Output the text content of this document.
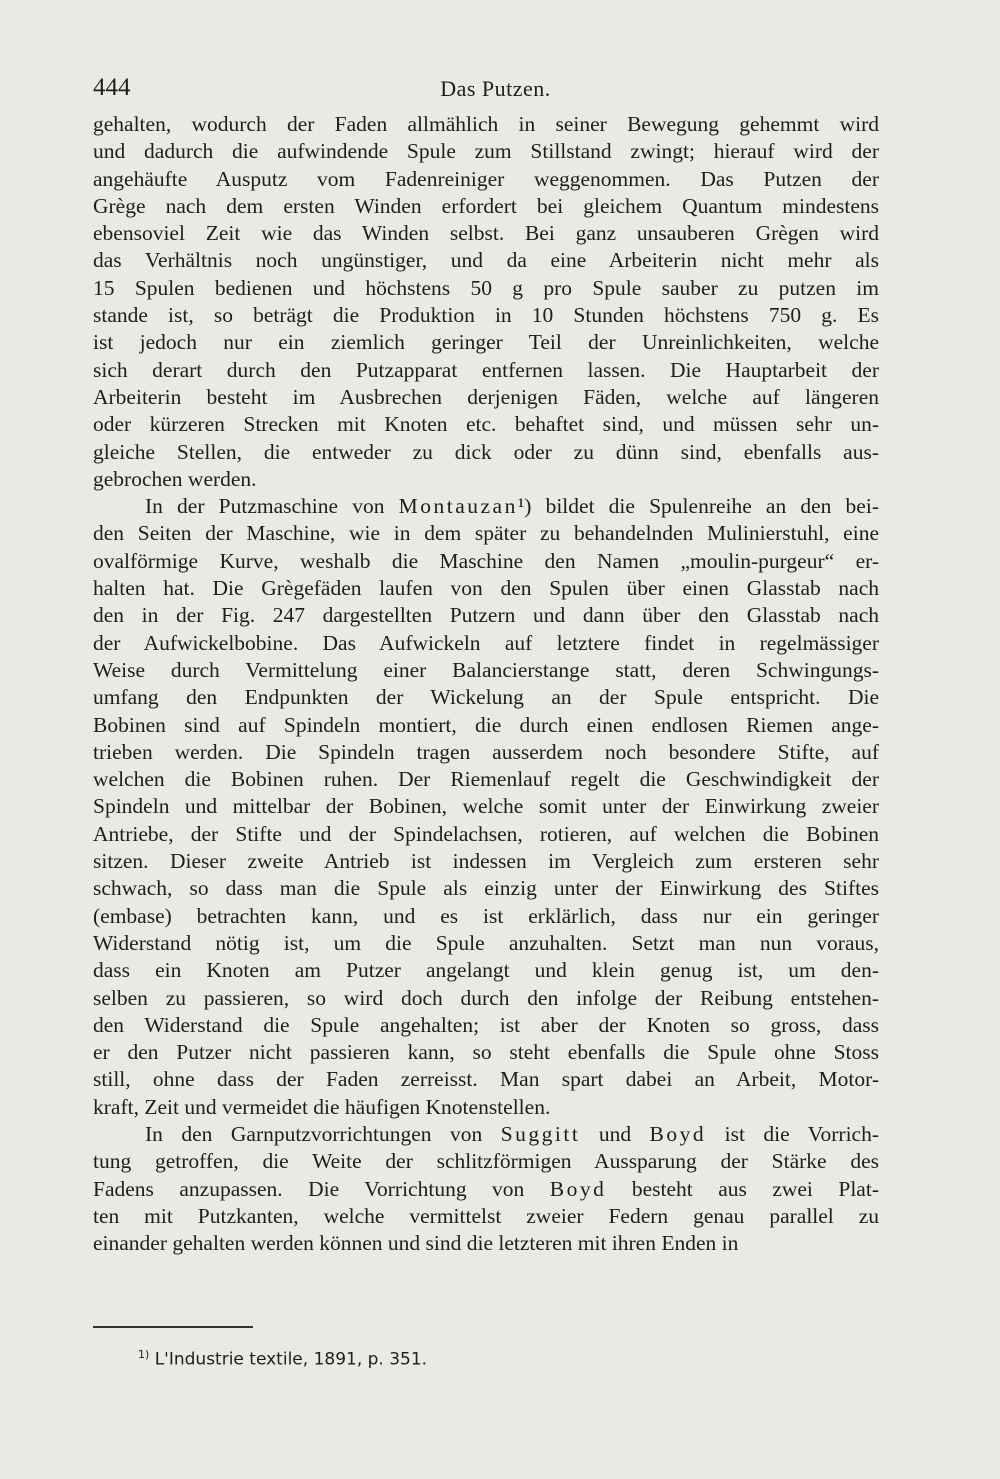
444	Das Putzen.
gehalten, wodurch der Faden allmählich in seiner Bewegung gehemmt wird
und dadurch die aufwindende Spule zum Stillstand zwingt; hierauf wird der
angehäufte Ausputz vom Fadenreiniger weggenommen. Das Putzen der
Grège nach dem ersten Winden erfordert bei gleichem Quantum mindestens
ebensoviel Zeit wie das Winden selbst. Bei ganz unsauberen Grègen wird
das Verhältnis noch ungünstiger, und da eine Arbeiterin nicht mehr als
15 Spulen bedienen und höchstens 50 g pro Spule sauber zu putzen im
stande ist, so beträgt die Produktion in 10 Stunden höchstens 750 g. Es
ist jedoch nur ein ziemlich geringer Teil der Unreinlichkeiten, welche
sich derart durch den Putzapparat entfernen lassen. Die Hauptarbeit der
Arbeiterin besteht im Ausbrechen derjenigen Fäden, welche auf längeren
oder kürzeren Strecken mit Knoten etc. behaftet sind, und müssen sehr un-
gleiche Stellen, die entweder zu dick oder zu dünn sind, ebenfalls aus-
gebrochen werden.
In der Putzmaschine von Montauzan¹) bildet die Spulenreihe an den bei-
den Seiten der Maschine, wie in dem später zu behandelnden Mulinierstuhl, eine
ovalförmige Kurve, weshalb die Maschine den Namen „moulin-purgeur“ er-
halten hat. Die Grègefäden laufen von den Spulen über einen Glasstab nach
den in der Fig. 247 dargestellten Putzern und dann über den Glasstab nach
der Aufwickelbobine. Das Aufwickeln auf letztere findet in regelmässiger
Weise durch Vermittelung einer Balancierstange statt, deren Schwingungs-
umfang den Endpunkten der Wickelung an der Spule entspricht. Die
Bobinen sind auf Spindeln montiert, die durch einen endlosen Riemen ange-
trieben werden. Die Spindeln tragen ausserdem noch besondere Stifte, auf
welchen die Bobinen ruhen. Der Riemenlauf regelt die Geschwindigkeit der
Spindeln und mittelbar der Bobinen, welche somit unter der Einwirkung zweier
Antriebe, der Stifte und der Spindelachsen, rotieren, auf welchen die Bobinen
sitzen. Dieser zweite Antrieb ist indessen im Vergleich zum ersteren sehr
schwach, so dass man die Spule als einzig unter der Einwirkung des Stiftes
(embase) betrachten kann, und es ist erklärlich, dass nur ein geringer
Widerstand nötig ist, um die Spule anzuhalten. Setzt man nun voraus,
dass ein Knoten am Putzer angelangt und klein genug ist, um den-
selben zu passieren, so wird doch durch den infolge der Reibung entstehen-
den Widerstand die Spule angehalten; ist aber der Knoten so gross, dass
er den Putzer nicht passieren kann, so steht ebenfalls die Spule ohne Stoss
still, ohne dass der Faden zerreisst. Man spart dabei an Arbeit, Motor-
kraft, Zeit und vermeidet die häufigen Knotenstellen.
In den Garnputzvorrichtungen von Suggitt und Boyd ist die Vorrich-
tung getroffen, die Weite der schlitzförmigen Aussparung der Stärke des
Fadens anzupassen. Die Vorrichtung von Boyd besteht aus zwei Plat-
ten mit Putzkanten, welche vermittelst zweier Federn genau parallel zu
einander gehalten werden können und sind die letzteren mit ihren Enden in
$^{1)}$ L'Industrie textile, 1891, p. 351.
